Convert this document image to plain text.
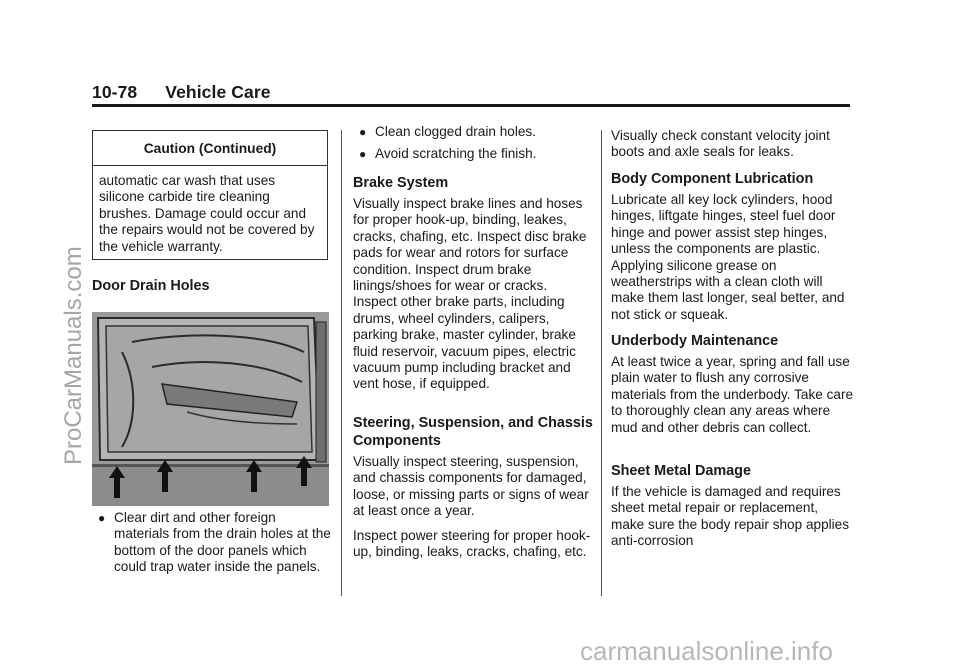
10-78 Vehicle Care
Caution (Continued)

automatic car wash that uses silicone carbide tire cleaning brushes. Damage could occur and the repairs would not be covered by the vehicle warranty.

Door Drain Holes
● Clear dirt and other foreign materials from the drain holes at the bottom of the door panels which could trap water inside the panels.
● Clean clogged drain holes.
● Avoid scratching the finish.
Brake System

Visually inspect brake lines and hoses for proper hook-up, binding, leakes, cracks, chafing, etc. Inspect disc brake pads for wear and rotors for surface condition. Inspect drum brake linings/shoes for wear or cracks. Inspect other brake parts, including drums, wheel cylinders, calipers, parking brake, master cylinder, brake fluid reservoir, vacuum pipes, electric vacuum pump including bracket and vent hose, if equipped.

Steering, Suspension, and Chassis Components

Visually inspect steering, suspension, and chassis components for damaged, loose, or missing parts or signs of wear at least once a year.

Inspect power steering for proper hook-up, binding, leaks, cracks, chafing, etc.

Visually check constant velocity joint boots and axle seals for leaks.

Body Component Lubrication

Lubricate all key lock cylinders, hood hinges, liftgate hinges, steel fuel door hinge and power assist step hinges, unless the components are plastic. Applying silicone grease on weatherstrips with a clean cloth will make them last longer, seal better, and not stick or squeak.

Underbody Maintenance

At least twice a year, spring and fall use plain water to flush any corrosive materials from the underbody. Take care to thoroughly clean any areas where mud and other debris can collect.

Sheet Metal Damage

If the vehicle is damaged and requires sheet metal repair or replacement, make sure the body repair shop applies anti-corrosion

ProCarManuals.com
carmanualsonline.info
